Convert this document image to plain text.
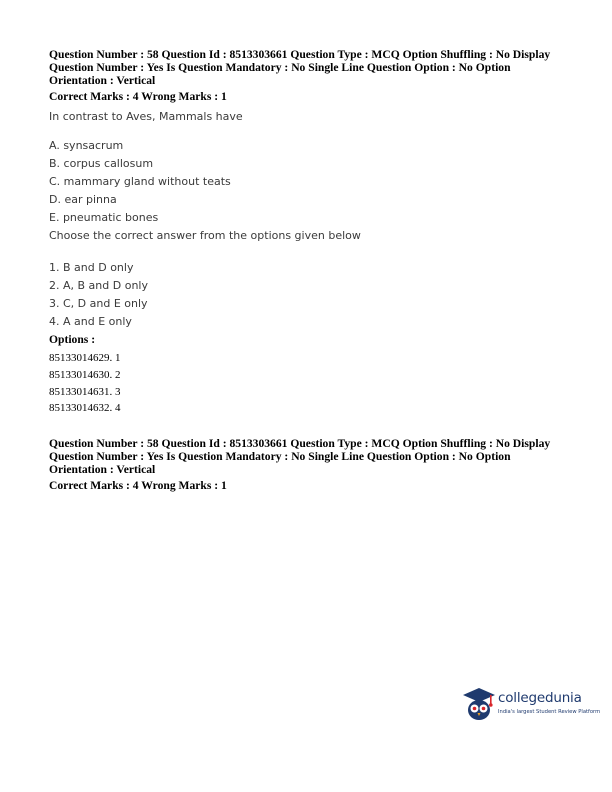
Question Number : 58 Question Id : 8513303661 Question Type : MCQ Option Shuffling : No Display
Question Number : Yes Is Question Mandatory : No Single Line Question Option : No Option
Orientation : Vertical
Correct Marks : 4 Wrong Marks : 1
In contrast to Aves, Mammals have
A. synsacrum
B. corpus callosum
C. mammary gland without teats
D. ear pinna
E. pneumatic bones
Choose the correct answer from the options given below
1. B and D only
2. A, B and D only
3. C, D and E only
4. A and E only
Options :
85133014629. 1
85133014630. 2
85133014631. 3
85133014632. 4
Question Number : 58 Question Id : 8513303661 Question Type : MCQ Option Shuffling : No Display
Question Number : Yes Is Question Mandatory : No Single Line Question Option : No Option
Orientation : Vertical
Correct Marks : 4 Wrong Marks : 1
collegedunia
India's largest Student Review Platform
